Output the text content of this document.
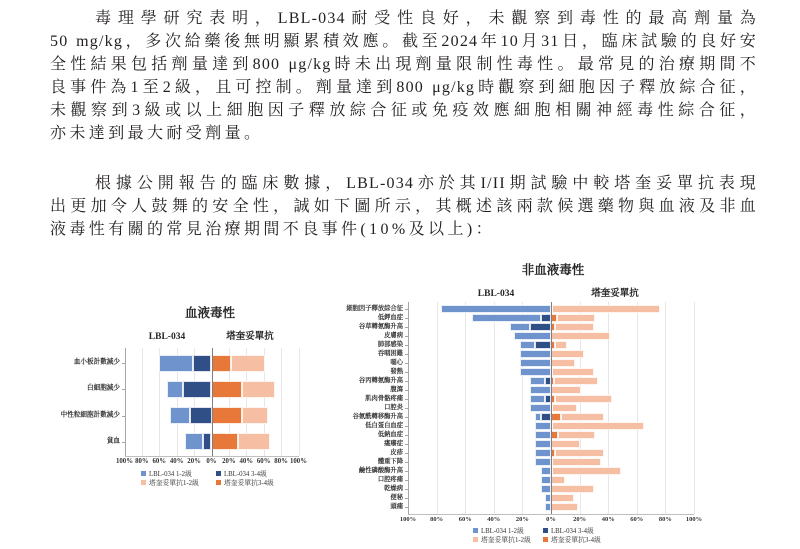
毒理學研究表明，LBL-034耐受性良好，未觀察到毒性的最高劑量為
50 mg/kg，多次給藥後無明顯累積效應。截至2024年10月31日，臨床試驗的良好安
全性結果包括劑量達到800 μg/kg時未出現劑量限制性毒性。最常見的治療期間不
良事件為1至2級，且可控制。劑量達到800 μg/kg時觀察到細胞因子釋放綜合征，
未觀察到3級或以上細胞因子釋放綜合征或免疫效應細胞相關神經毒性綜合征，
亦未達到最大耐受劑量。
根據公開報告的臨床數據，LBL-034亦於其I/II期試驗中較塔奎妥單抗表現
出更加令人鼓舞的安全性，誠如下圖所示，其概述該兩款候選藥物與血液及非血
液毒性有關的常見治療期間不良事件(10%及以上)：
血液毒性
LBL-034	塔奎妥單抗
100% 80% 60% 40% 20% 0% 20% 40% 60% 80% 100%
血小板計數減少
白細胞減少
中性粒細胞計數減少
貧血
LBL-034 1-2級	LBL-034 3-4級
塔奎妥單抗1-2級	塔奎妥單抗3-4級
非血液毒性
LBL-034	塔奎妥單抗
100%	80%	60%	40%	20%	0%	20%	40%	60%	80%	100%
細胞因子釋放綜合征
低鉀血症
谷草轉氨酶升高
皮膚病
肺部感染
吞咽困難
噁心
發熱
谷丙轉氨酶升高
腹瀉
肌肉骨骼疼痛
口腔炎
谷氨酰轉移酶升高
低白蛋白血症
低鈉血症
瘙癢症
皮疹
體重下降
鹼性磷酸酶升高
口腔疼痛
乾燥病
便秘
頭痛
LBL-034 1-2級	LBL-034 3-4級
塔奎妥單抗1-2級	塔奎妥單抗3-4級
